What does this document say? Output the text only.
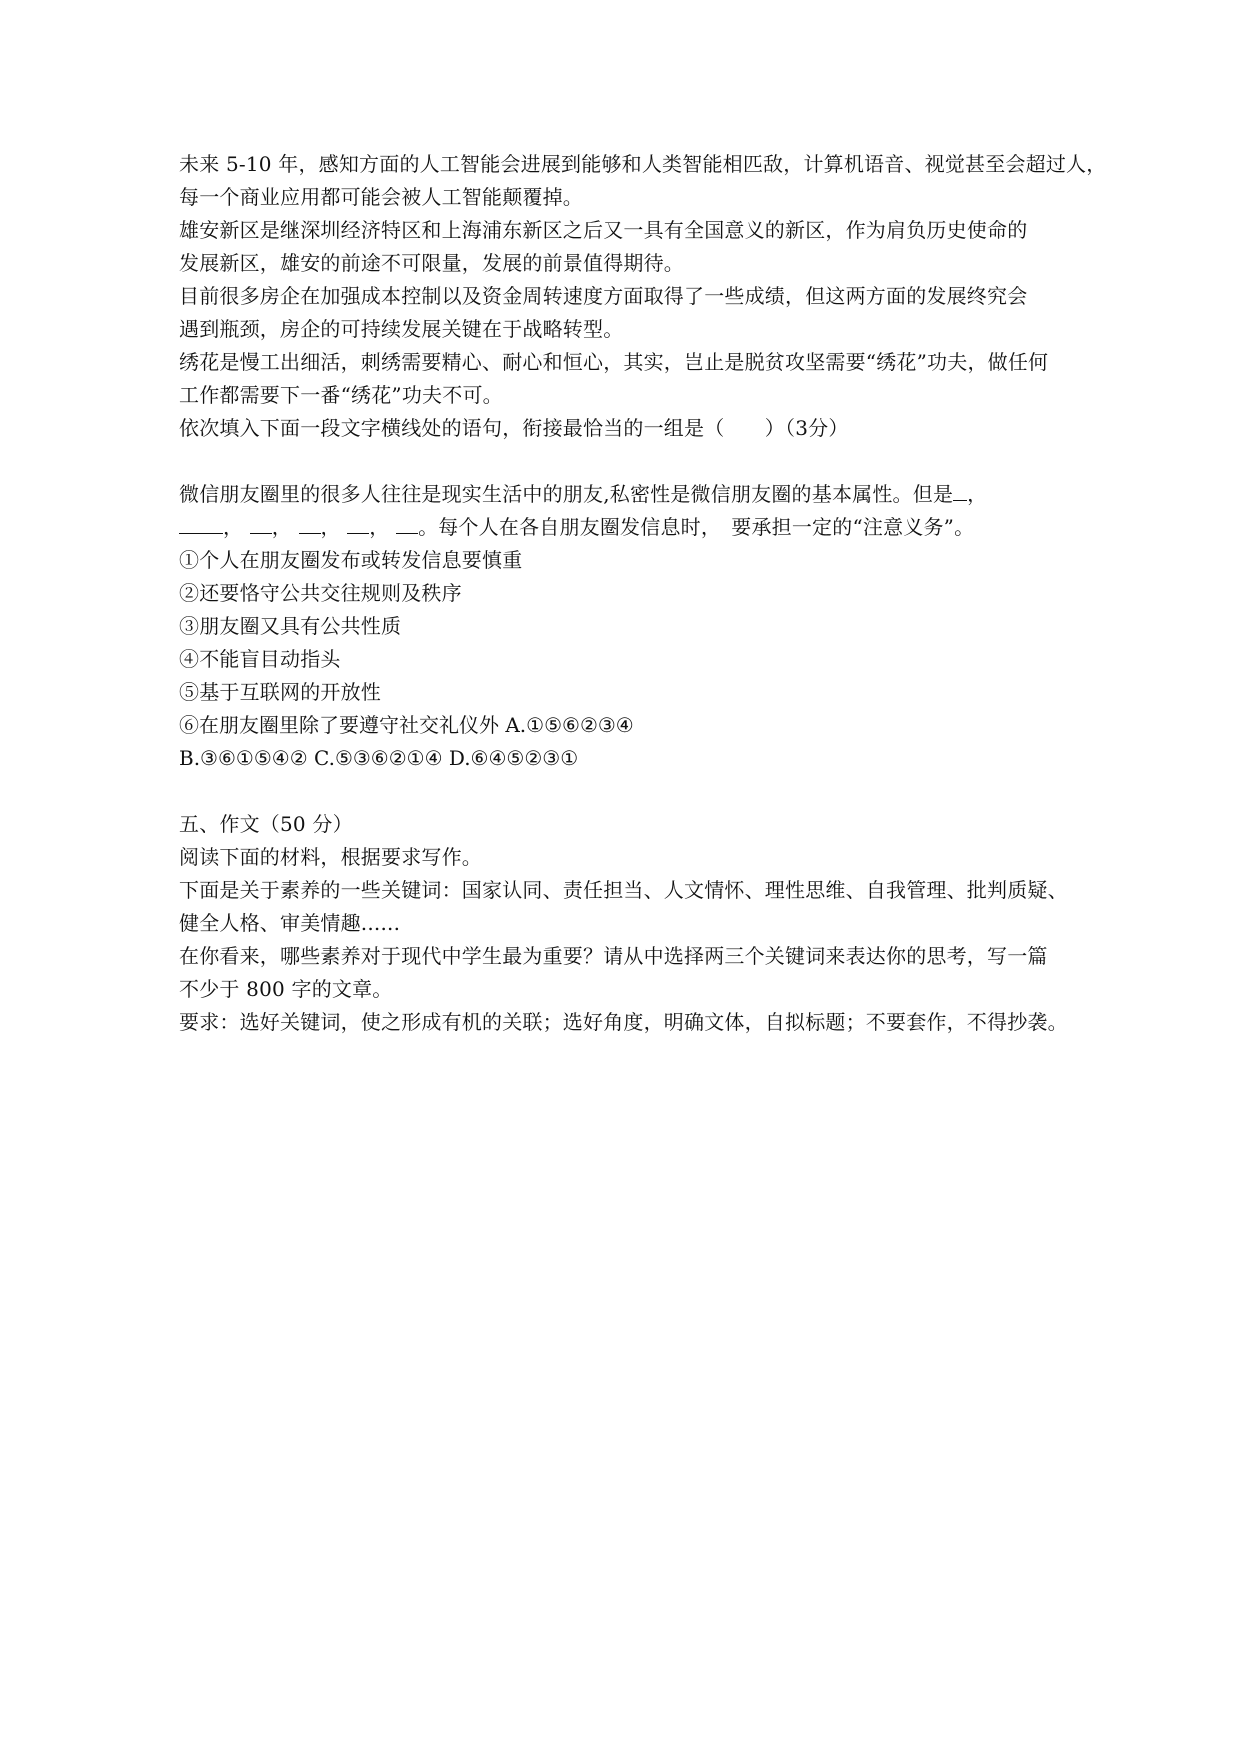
未来 5-10 年，感知方面的人工智能会进展到能够和人类智能相匹敌，计算机语音、视觉甚至会超过人，
每一个商业应用都可能会被人工智能颠覆掉。
雄安新区是继深圳经济特区和上海浦东新区之后又一具有全国意义的新区，作为肩负历史使命的
发展新区，雄安的前途不可限量，发展的前景值得期待。
目前很多房企在加强成本控制以及资金周转速度方面取得了一些成绩，但这两方面的发展终究会
遇到瓶颈，房企的可持续发展关键在于战略转型。
绣花是慢工出细活，刺绣需要精心、耐心和恒心，其实，岂止是脱贫攻坚需要“绣花”功夫，做任何
工作都需要下一番“绣花”功夫不可。
依次填入下面一段文字横线处的语句，衔接最恰当的一组是（　　）（3分）
微信朋友圈里的很多人往往是现实生活中的朋友,私密性是微信朋友圈的基本属性。但是 ，
， ， ， ， 。每个人在各自朋友圈发信息时，　要承担一定的“注意义务”。
①个人在朋友圈发布或转发信息要慎重
②还要恪守公共交往规则及秩序
③朋友圈又具有公共性质
④不能盲目动指头
⑤基于互联网的开放性
⑥在朋友圈里除了要遵守社交礼仪外 A.①⑤⑥②③④
B.③⑥①⑤④② C.⑤③⑥②①④ D.⑥④⑤②③①
五、作文（50 分）
阅读下面的材料，根据要求写作。
下面是关于素养的一些关键词：国家认同、责任担当、人文情怀、理性思维、自我管理、批判质疑、
健全人格、审美情趣......
在你看来，哪些素养对于现代中学生最为重要？请从中选择两三个关键词来表达你的思考，写一篇
不少于 800 字的文章。
要求：选好关键词，使之形成有机的关联；选好角度，明确文体，自拟标题；不要套作，不得抄袭。
